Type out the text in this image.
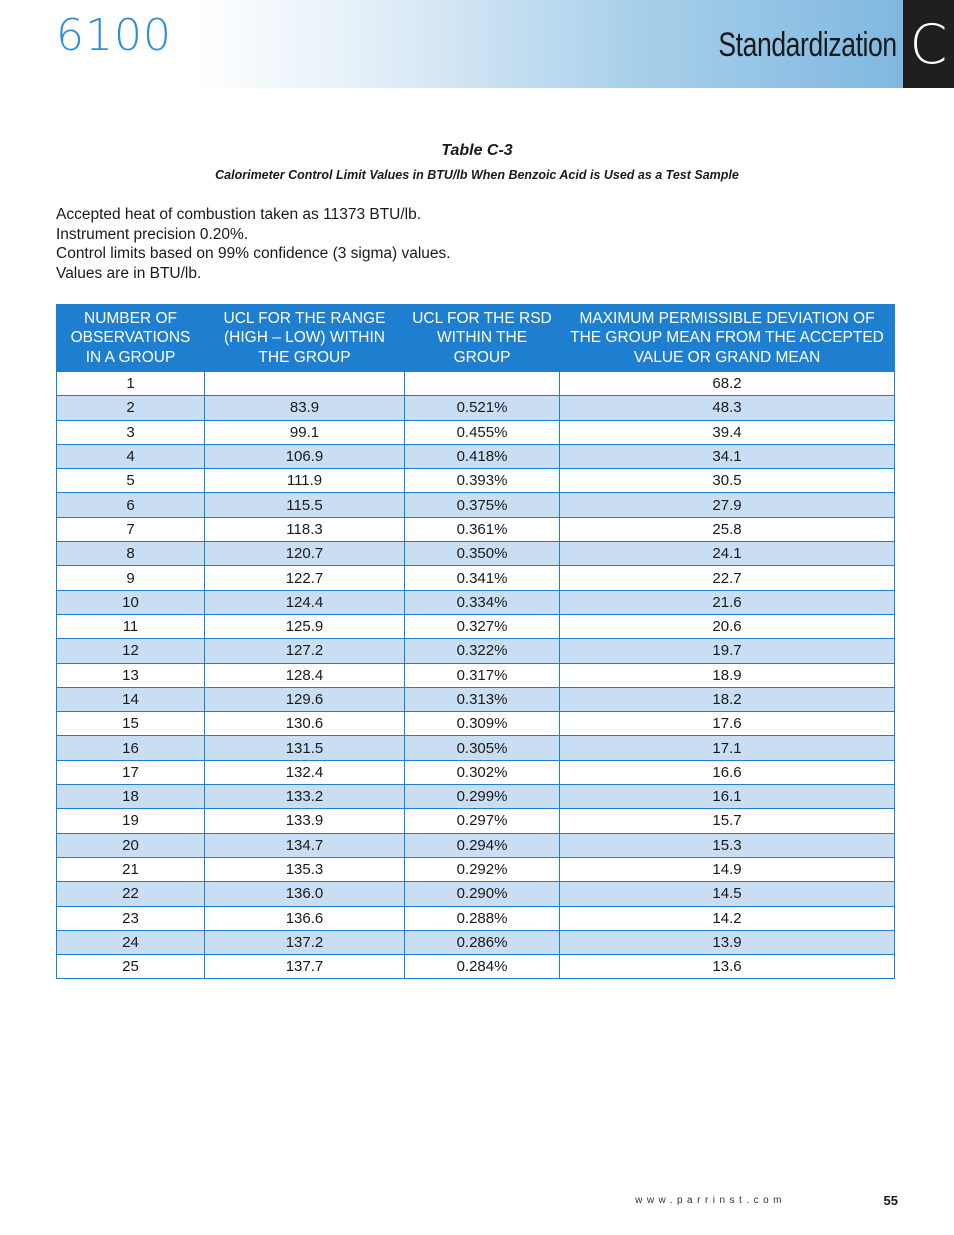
6100	Standardization C
Table C-3
Calorimeter Control Limit Values in BTU/lb When Benzoic Acid is Used as a Test Sample
Accepted heat of combustion taken as 11373 BTU/lb.
Instrument precision 0.20%.
Control limits based on 99% confidence (3 sigma) values.
Values are in BTU/lb.
NUMBER OF OBSERVATIONS IN A GROUP	UCL FOR THE RANGE (HIGH – LOW) WITHIN THE GROUP	UCL FOR THE RSD WITHIN THE GROUP	MAXIMUM PERMISSIBLE DEVIATION OF THE GROUP MEAN FROM THE ACCEPTED VALUE OR GRAND MEAN
1			68.2
2	83.9	0.521%	48.3
3	99.1	0.455%	39.4
4	106.9	0.418%	34.1
5	111.9	0.393%	30.5
6	115.5	0.375%	27.9
7	118.3	0.361%	25.8
8	120.7	0.350%	24.1
9	122.7	0.341%	22.7
10	124.4	0.334%	21.6
11	125.9	0.327%	20.6
12	127.2	0.322%	19.7
13	128.4	0.317%	18.9
14	129.6	0.313%	18.2
15	130.6	0.309%	17.6
16	131.5	0.305%	17.1
17	132.4	0.302%	16.6
18	133.2	0.299%	16.1
19	133.9	0.297%	15.7
20	134.7	0.294%	15.3
21	135.3	0.292%	14.9
22	136.0	0.290%	14.5
23	136.6	0.288%	14.2
24	137.2	0.286%	13.9
25	137.7	0.284%	13.6
www.parrinst.com	55
